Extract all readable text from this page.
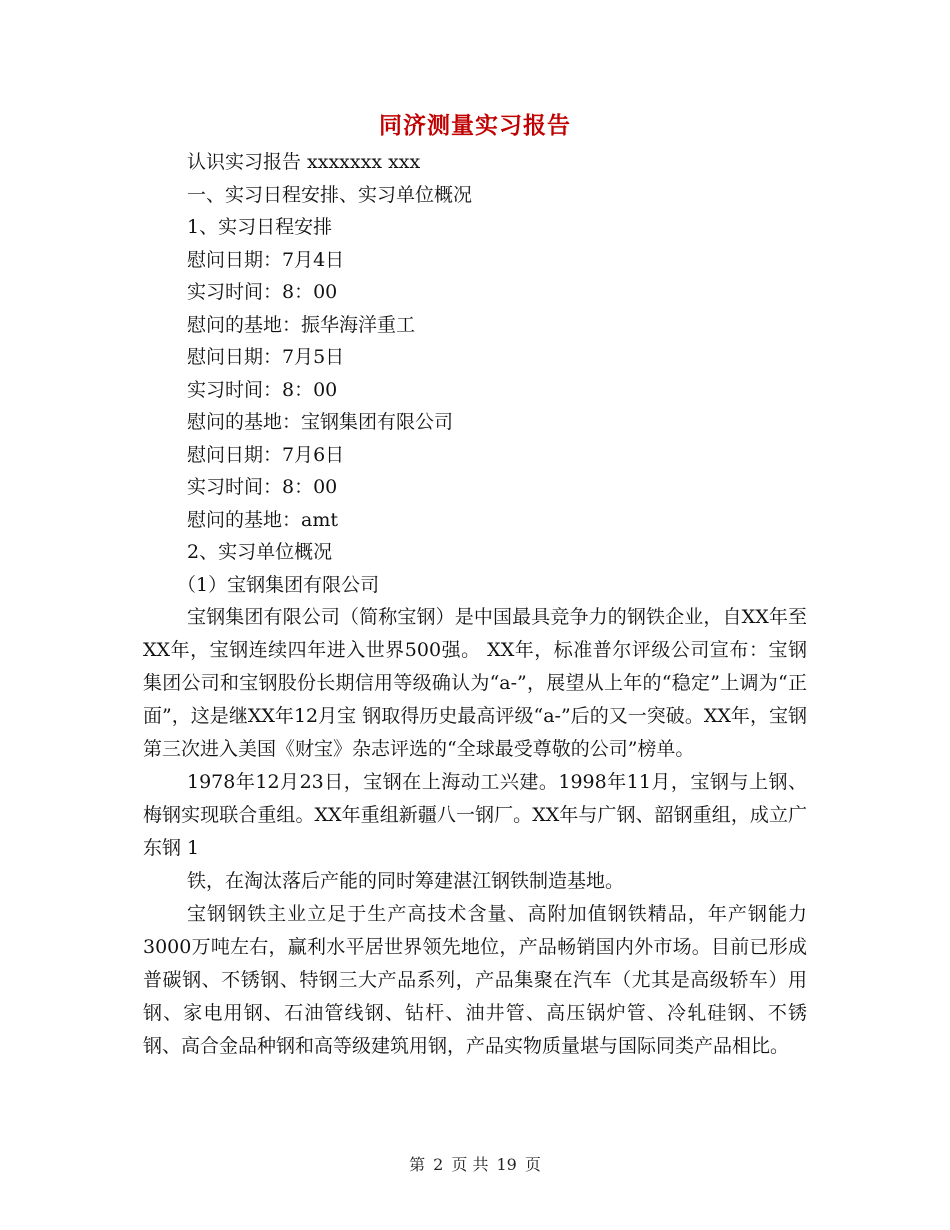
同济测量实习报告
认识实习报告 xxxxxxx xxx
一、实习日程安排、实习单位概况
1、实习日程安排
慰问日期：7月4日
实习时间：8：00
慰问的基地：振华海洋重工
慰问日期：7月5日
实习时间：8：00
慰问的基地：宝钢集团有限公司
慰问日期：7月6日
实习时间：8：00
慰问的基地：amt
2、实习单位概况
（1）宝钢集团有限公司

宝钢集团有限公司（简称宝钢）是中国最具竞争力的钢铁企业，自XX年至XX年，宝钢连续四年进入世界500强。 XX年，标准普尔评级公司宣布：宝钢集团公司和宝钢股份长期信用等级确认为“a-”，展望从上年的“稳定”上调为“正面”，这是继XX年12月宝 钢取得历史最高评级“a-”后的又一突破。XX年，宝钢第三次进入美国《财宝》杂志评选的“全球最受尊敬的公司”榜单。

1978年12月23日，宝钢在上海动工兴建。1998年11月，宝钢与上钢、梅钢实现联合重组。XX年重组新疆八一钢厂。XX年与广钢、韶钢重组，成立广东钢 1

铁，在淘汰落后产能的同时筹建湛江钢铁制造基地。

宝钢钢铁主业立足于生产高技术含量、高附加值钢铁精品，年产钢能力3000万吨左右，赢利水平居世界领先地位，产品畅销国内外市场。目前已形成普碳钢、不锈钢、特钢三大产品系列，产品集聚在汽车（尤其是高级轿车）用钢、家电用钢、石油管线钢、钻杆、油井管、高压锅炉管、冷轧硅钢、不锈钢、高合金品种钢和高等级建筑用钢，产品实物质量堪与国际同类产品相比。

第 2 页 共 19 页
